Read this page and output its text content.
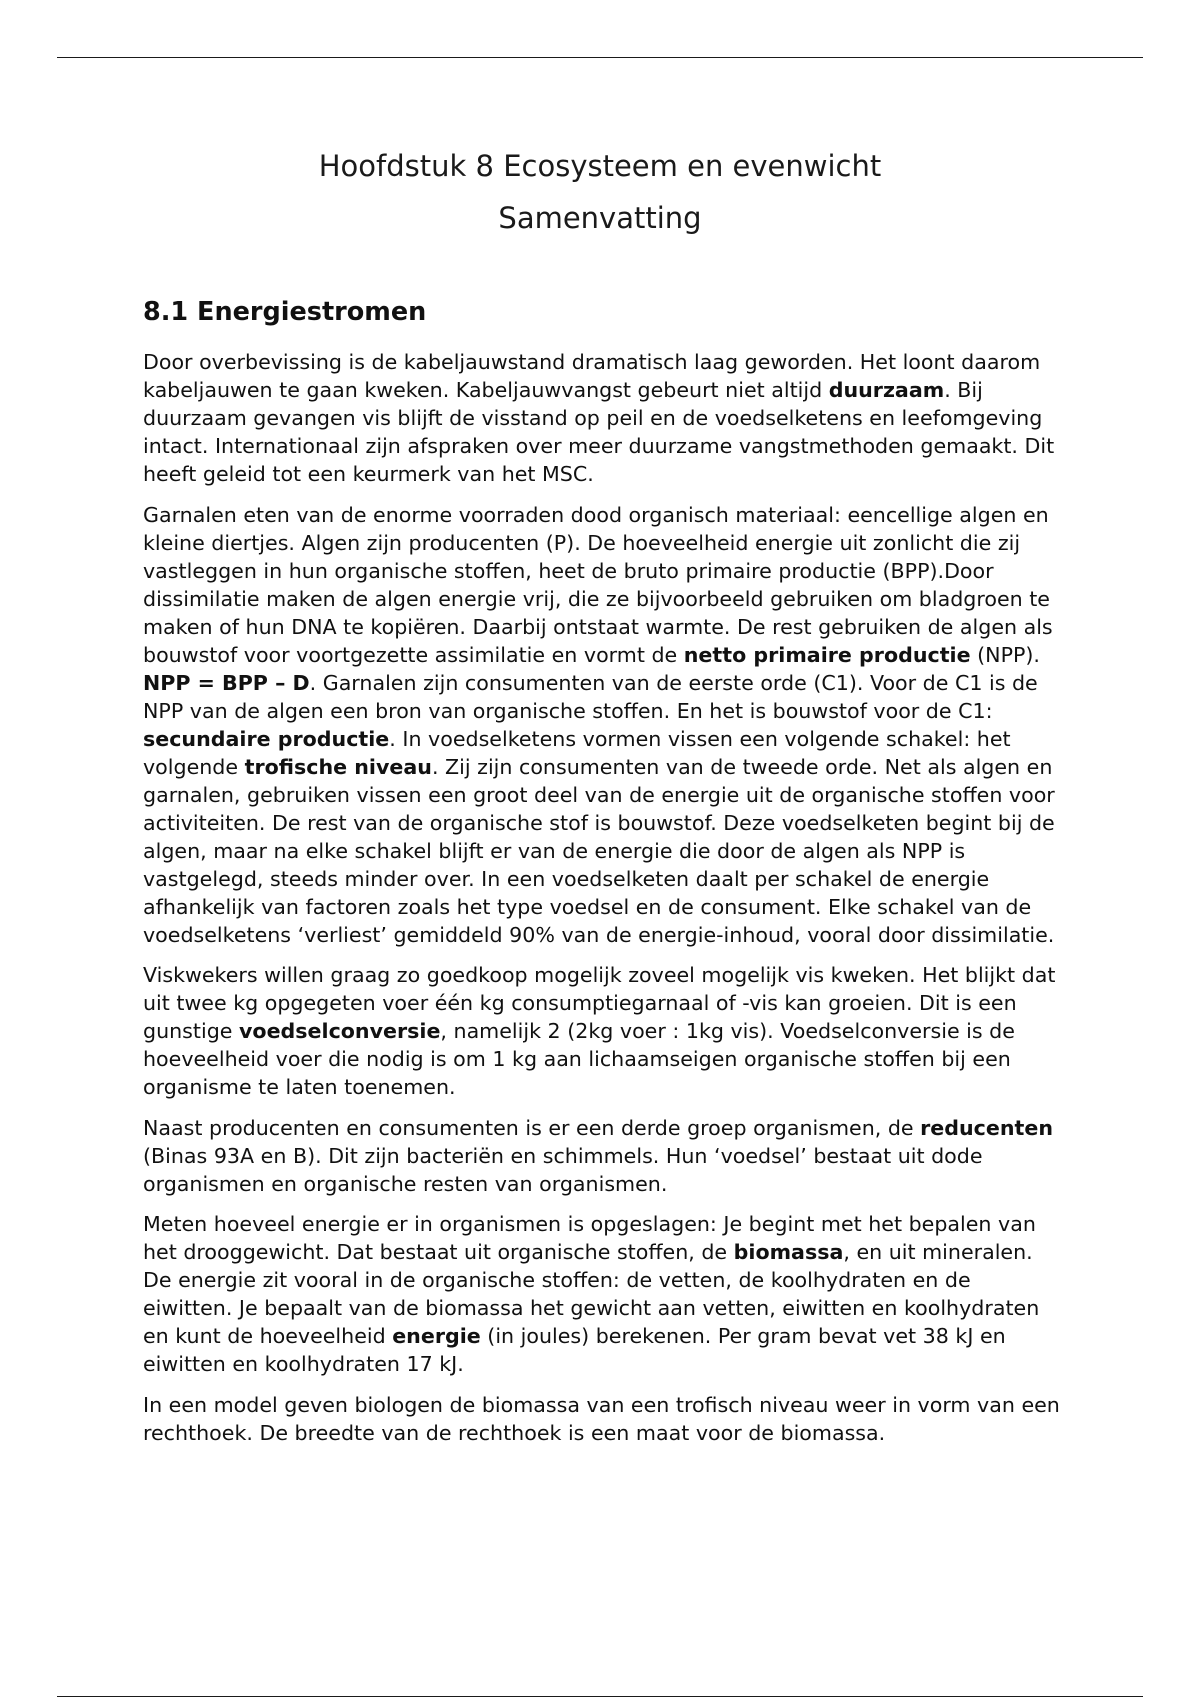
Hoofdstuk 8 Ecosysteem en evenwicht
Samenvatting
8.1 Energiestromen

Door overbevissing is de kabeljauwstand dramatisch laag geworden. Het loont daarom kabeljauwen te gaan kweken. Kabeljauwvangst gebeurt niet altijd duurzaam. Bij duurzaam gevangen vis blijft de visstand op peil en de voedselketens en leefomgeving intact. Internationaal zijn afspraken over meer duurzame vangstmethoden gemaakt. Dit heeft geleid tot een keurmerk van het MSC.

Garnalen eten van de enorme voorraden dood organisch materiaal: eencellige algen en kleine diertjes. Algen zijn producenten (P). De hoeveelheid energie uit zonlicht die zij vastleggen in hun organische stoffen, heet de bruto primaire productie (BPP).Door dissimilatie maken de algen energie vrij, die ze bijvoorbeeld gebruiken om bladgroen te maken of hun DNA te kopiëren. Daarbij ontstaat warmte. De rest gebruiken de algen als bouwstof voor voortgezette assimilatie en vormt de netto primaire productie (NPP). NPP = BPP – D. Garnalen zijn consumenten van de eerste orde (C1). Voor de C1 is de NPP van de algen een bron van organische stoffen. En het is bouwstof voor de C1: secundaire productie. In voedselketens vormen vissen een volgende schakel: het volgende trofische niveau. Zij zijn consumenten van de tweede orde. Net als algen en garnalen, gebruiken vissen een groot deel van de energie uit de organische stoffen voor activiteiten. De rest van de organische stof is bouwstof. Deze voedselketen begint bij de algen, maar na elke schakel blijft er van de energie die door de algen als NPP is vastgelegd, steeds minder over. In een voedselketen daalt per schakel de energie afhankelijk van factoren zoals het type voedsel en de consument. Elke schakel van de voedselketens ‘verliest’ gemiddeld 90% van de energie-inhoud, vooral door dissimilatie.

Viskwekers willen graag zo goedkoop mogelijk zoveel mogelijk vis kweken. Het blijkt dat uit twee kg opgegeten voer één kg consumptiegarnaal of -vis kan groeien. Dit is een gunstige voedselconversie, namelijk 2 (2kg voer : 1kg vis). Voedselconversie is de hoeveelheid voer die nodig is om 1 kg aan lichaamseigen organische stoffen bij een organisme te laten toenemen.

Naast producenten en consumenten is er een derde groep organismen, de reducenten    (Binas 93A en B). Dit zijn bacteriën en schimmels. Hun ‘voedsel’ bestaat uit dode organismen en organische resten van organismen.

Meten hoeveel energie er in organismen is opgeslagen: Je begint met het bepalen van het drooggewicht. Dat bestaat uit organische stoffen, de biomassa, en uit mineralen. De energie zit vooral in de organische stoffen: de vetten, de koolhydraten en de eiwitten. Je bepaalt van de biomassa het gewicht aan vetten, eiwitten en koolhydraten en kunt de hoeveelheid energie (in joules) berekenen. Per gram bevat vet 38 kJ en eiwitten en koolhydraten 17 kJ.

In een model geven biologen de biomassa van een trofisch niveau weer in vorm van een rechthoek. De breedte van de rechthoek is een maat voor de biomassa.
